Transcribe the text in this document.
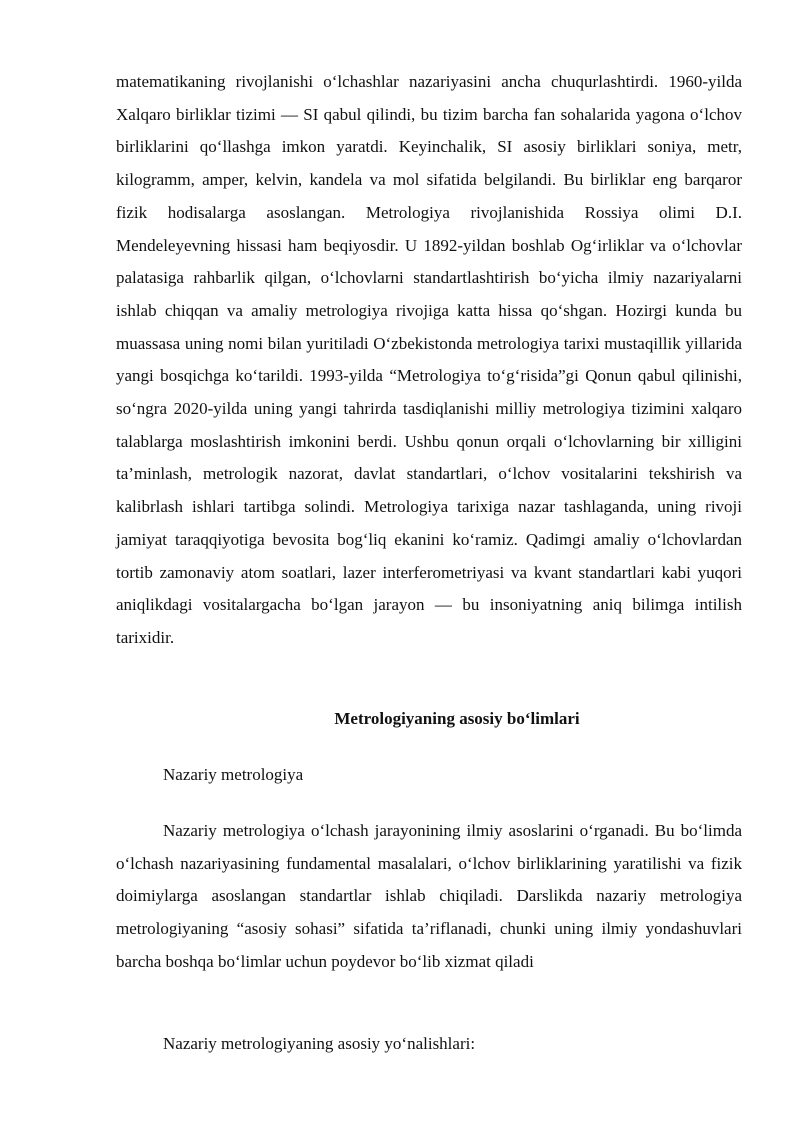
matematikaning rivojlanishi o‘lchashlar nazariyasini ancha chuqurlashtirdi. 1960-yilda Xalqaro birliklar tizimi — SI qabul qilindi, bu tizim barcha fan sohalarida yagona o‘lchov birliklarini qo‘llashga imkon yaratdi. Keyinchalik, SI asosiy birliklari soniya, metr, kilogramm, amper, kelvin, kandela va mol sifatida belgilandi. Bu birliklar eng barqaror fizik hodisalarga asoslangan. Metrologiya rivojlanishida Rossiya olimi D.I. Mendeleyevning hissasi ham beqiyosdir. U 1892-yildan boshlab Og‘irliklar va o‘lchovlar palatasiga rahbarlik qilgan, o‘lchovlarni standartlashtirish bo‘yicha ilmiy nazariyalarni ishlab chiqqan va amaliy metrologiya rivojiga katta hissa qo‘shgan. Hozirgi kunda bu muassasa uning nomi bilan yuritiladi O‘zbekistonda metrologiya tarixi mustaqillik yillarida yangi bosqichga ko‘tarildi. 1993-yilda “Metrologiya to‘g‘risida”gi Qonun qabul qilinishi, so‘ngra 2020-yilda uning yangi tahrirda tasdiqlanishi milliy metrologiya tizimini xalqaro talablarga moslashtirish imkonini berdi. Ushbu qonun orqali o‘lchovlarning bir xilligini ta’minlash, metrologik nazorat, davlat standartlari, o‘lchov vositalarini tekshirish va kalibrlash ishlari tartibga solindi. Metrologiya tarixiga nazar tashlaganda, uning rivoji jamiyat taraqqiyotiga bevosita bog‘liq ekanini ko‘ramiz. Qadimgi amaliy o‘lchovlardan tortib zamonaviy atom soatlari, lazer interferometriyasi va kvant standartlari kabi yuqori aniqlikdagi vositalargacha bo‘lgan jarayon — bu insoniyatning aniq bilimga intilish tarixidir.

Metrologiyaning asosiy bo‘limlari

Nazariy metrologiya

Nazariy metrologiya o‘lchash jarayonining ilmiy asoslarini o‘rganadi. Bu bo‘limda o‘lchash nazariyasining fundamental masalalari, o‘lchov birliklarining yaratilishi va fizik doimiylarga asoslangan standartlar ishlab chiqiladi. Darslikda nazariy metrologiya metrologiyaning “asosiy sohasi” sifatida ta’riflanadi, chunki uning ilmiy yondashuvlari barcha boshqa bo‘limlar uchun poydevor bo‘lib xizmat qiladi

Nazariy metrologiyaning asosiy yo‘nalishlari:
